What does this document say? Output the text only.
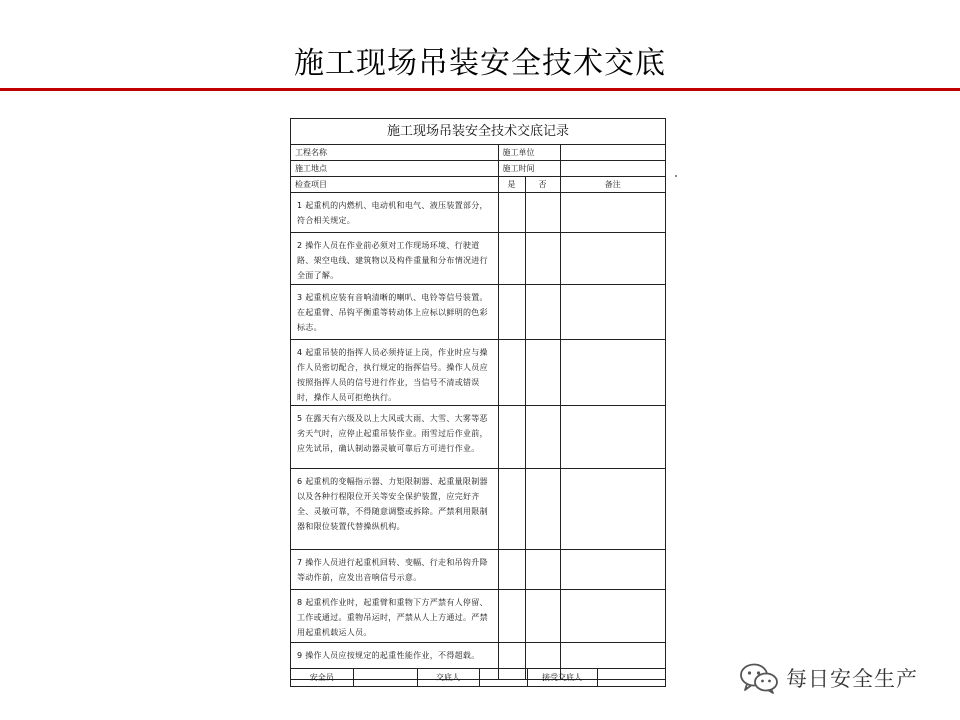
施工现场吊装安全技术交底
施工现场吊装安全技术交底记录
工程名称	施工单位		
施工地点	施工时间		
检查项目	是	否	备注
1 起重机的内燃机、电动机和电气、液压装置部分，符合相关规定。			
2 操作人员在作业前必须对工作现场环境、行驶道路、架空电线、建筑物以及构件重量和分布情况进行全面了解。			
3 起重机应装有音响清晰的喇叭、电铃等信号装置。在起重臂、吊钩平衡重等转动体上应标以鲜明的色彩标志。			
4 起重吊装的指挥人员必须持证上岗，作业时应与操作人员密切配合，执行规定的指挥信号。操作人员应按照指挥人员的信号进行作业，当信号不清或错误时，操作人员可拒绝执行。			
5 在露天有六级及以上大风或大雨、大雪、大雾等恶劣天气时，应停止起重吊装作业。雨雪过后作业前，应先试吊，确认制动器灵敏可靠后方可进行作业。			
6 起重机的变幅指示器、力矩限制器、起重量限制器以及各种行程限位开关等安全保护装置，应完好齐全、灵敏可靠，不得随意调整或拆除。严禁利用限制器和限位装置代替操纵机构。			
7 操作人员进行起重机回转、变幅、行走和吊钩升降等动作前，应发出音响信号示意。			
8 起重机作业时，起重臂和重物下方严禁有人停留、工作或通过。重物吊运时，严禁从人上方通过。严禁用起重机载运人员。			
9 操作人员应按规定的起重性能作业，不得超载。			
安全员		交底人		接受交底人		每日安全生产
